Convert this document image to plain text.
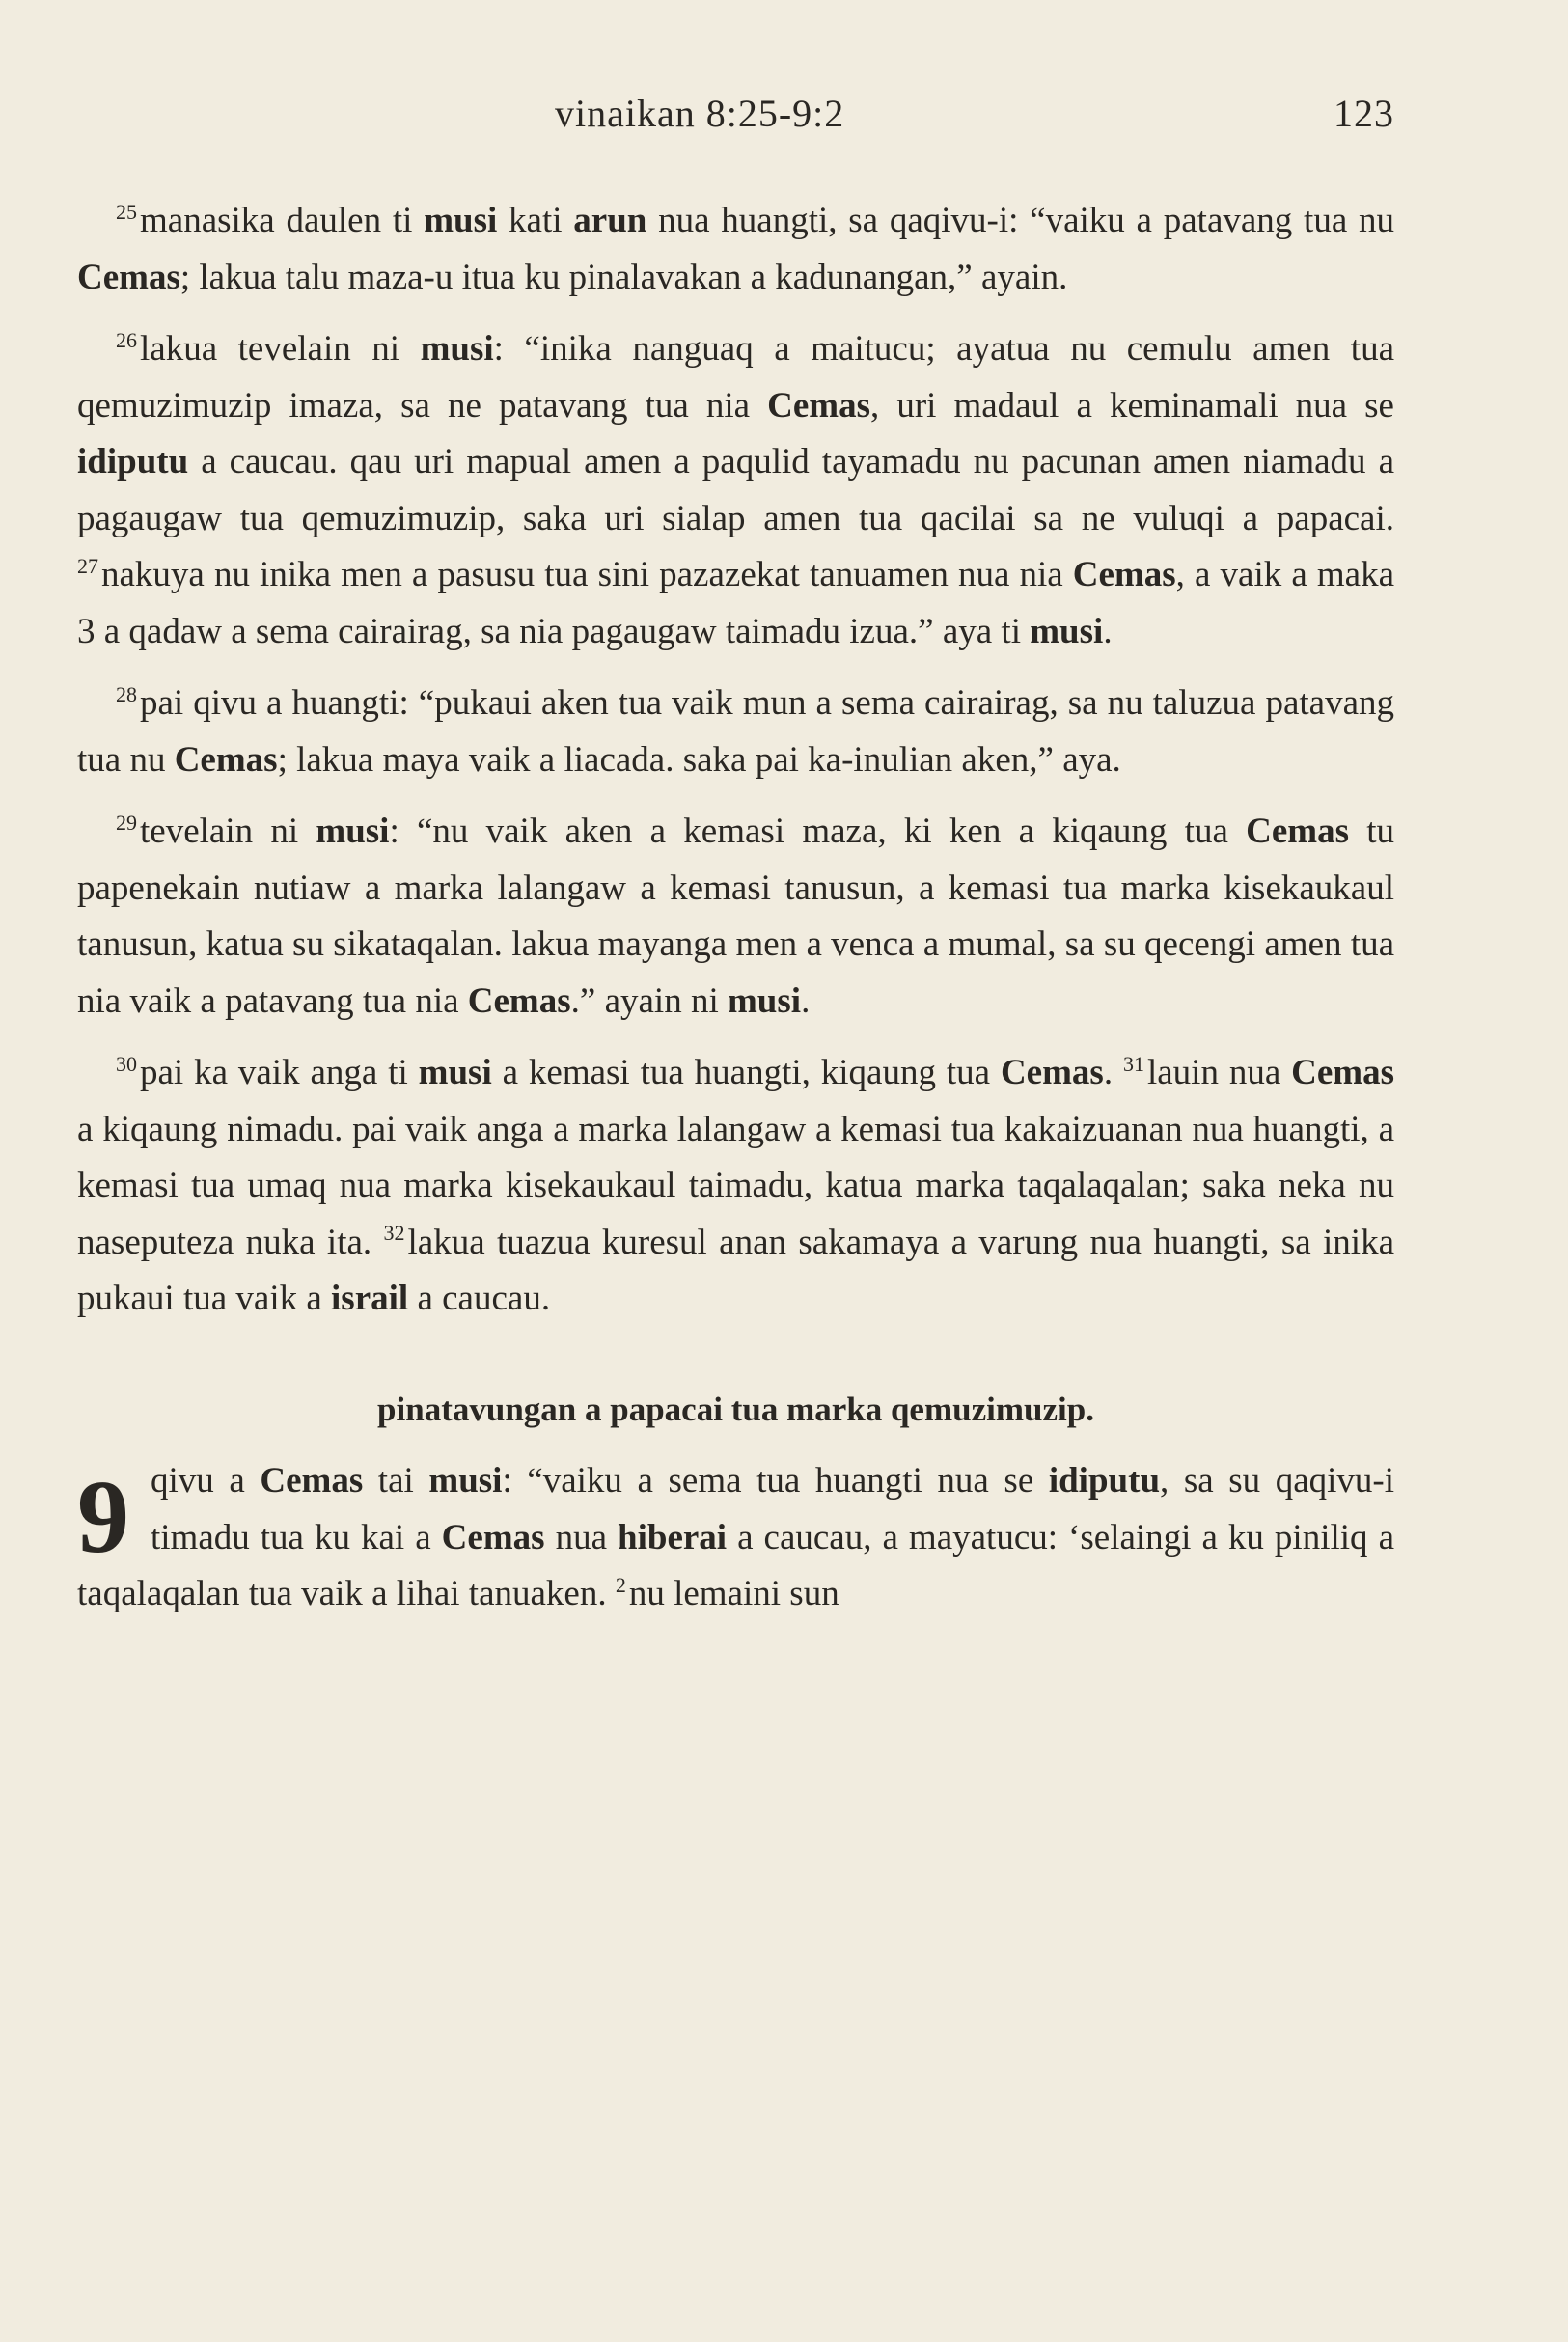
vinaikan 8:25-9:2	123

$^{25}$manasika daulen ti musi kati arun nua huangti, sa qaqivu-i: “vaiku a patavang tua nu Cemas; lakua talu maza-u itua ku pinalavakan a kadunangan,” ayain.

$^{26}$lakua tevelain ni musi: “inika nanguaq a maitucu; ayatua nu cemulu amen tua qemuzimuzip imaza, sa ne patavang tua nia Cemas, uri madaul a keminamali nua se idiputu a caucau. qau uri mapual amen a paqulid tayamadu nu pacunan amen niamadu a pagaugaw tua qemuzimuzip, saka uri sialap amen tua qacilai sa ne vuluqi a papacai. $^{27}$nakuya nu inika men a pasusu tua sini pazazekat tanuamen nua nia Cemas, a vaik a maka 3 a qadaw a sema cairairag, sa nia pagaugaw taimadu izua.” aya ti musi.

$^{28}$pai qivu a huangti: “pukaui aken tua vaik mun a sema cairairag, sa nu taluzua patavang tua nu Cemas; lakua maya vaik a liacada. saka pai ka-inulian aken,” aya.

$^{29}$tevelain ni musi: “nu vaik aken a kemasi maza, ki ken a kiqaung tua Cemas tu papenekain nutiaw a marka lalangaw a kemasi tanusun, a kemasi tua marka kisekaukaul tanusun, katua su sikataqalan. lakua mayanga men a venca a mumal, sa su qecengi amen tua nia vaik a patavang tua nia Cemas.” ayain ni musi.

$^{30}$pai ka vaik anga ti musi a kemasi tua huangti, kiqaung tua Cemas. $^{31}$lauin nua Cemas a kiqaung nimadu. pai vaik anga a marka lalangaw a kemasi tua kakaizuanan nua huangti, a kemasi tua umaq nua marka kisekaukaul taimadu, katua marka taqalaqalan; saka neka nu naseputeza nuka ita. $^{32}$lakua tuazua kuresul anan sakamaya a varung nua huangti, sa inika pukaui tua vaik a israil a caucau.

pinatavungan a papacai tua marka qemuzimuzip.

9 qivu a Cemas tai musi: “vaiku a sema tua huangti nua se idiputu, sa su qaqivu-i timadu tua ku kai a Cemas nua hiberai a caucau, a mayatucu: ‘selaingi a ku piniliq a taqalaqalan tua vaik a lihai tanuaken. $^2$nu lemaini sun
